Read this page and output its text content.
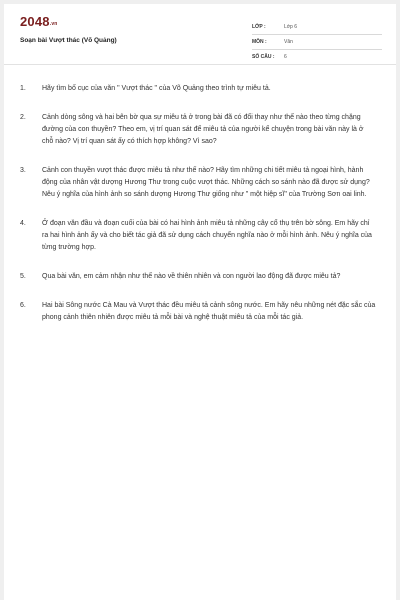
2048.vn
Soạn bài Vượt thác (Võ Quảng)
LỚP :	Lớp 6
MÔN :	Văn
SỐ CÂU :	6
1.	Hãy tìm bố cục của văn " Vượt thác " của Võ Quảng theo trình tự miêu tả.
2.	Cảnh dòng sông và hai bên bờ qua sự miêu tả ở trong bài đã có đổi thay như thế nào theo từng chặng đường của con thuyền? Theo em, vị trí quan sát để miêu tả của người kể chuyện trong bài văn này là ở chỗ nào? Vị trí quan sát ấy có thích hợp không? Vì sao?
3.	Cảnh con thuyền vượt thác được miêu tả như thế nào? Hãy tìm những chi tiết miêu tả ngoại hình, hành động của nhân vật dượng Hương Thư trong cuộc vượt thác. Những cách so sánh nào đã được sử dụng?
Nêu ý nghĩa của hình ảnh so sánh dượng Hương Thư giống như " một hiệp sĩ" của Trường Sơn oai linh.
4.	Ở đoạn văn đầu và đoạn cuối của bài có hai hình ảnh miêu tả những cây cổ thụ trên bờ sông. Em hãy chỉ ra hai hình ảnh ấy và cho biết tác giả đã sử dụng cách chuyển nghĩa nào ở mỗi hình ảnh. Nêu ý nghĩa của từng trường hợp.
5.	Qua bài văn, em cảm nhận như thế nào về thiên nhiên và con người lao động đã được miêu tả?
6.	Hai bài Sông nước Cà Mau và Vượt thác đều miêu tả cảnh sông nước. Em hãy nêu những nét đặc sắc của phong cảnh thiên nhiên được miêu tả mỗi bài và nghệ thuật miêu tả của mỗi tác giả.
